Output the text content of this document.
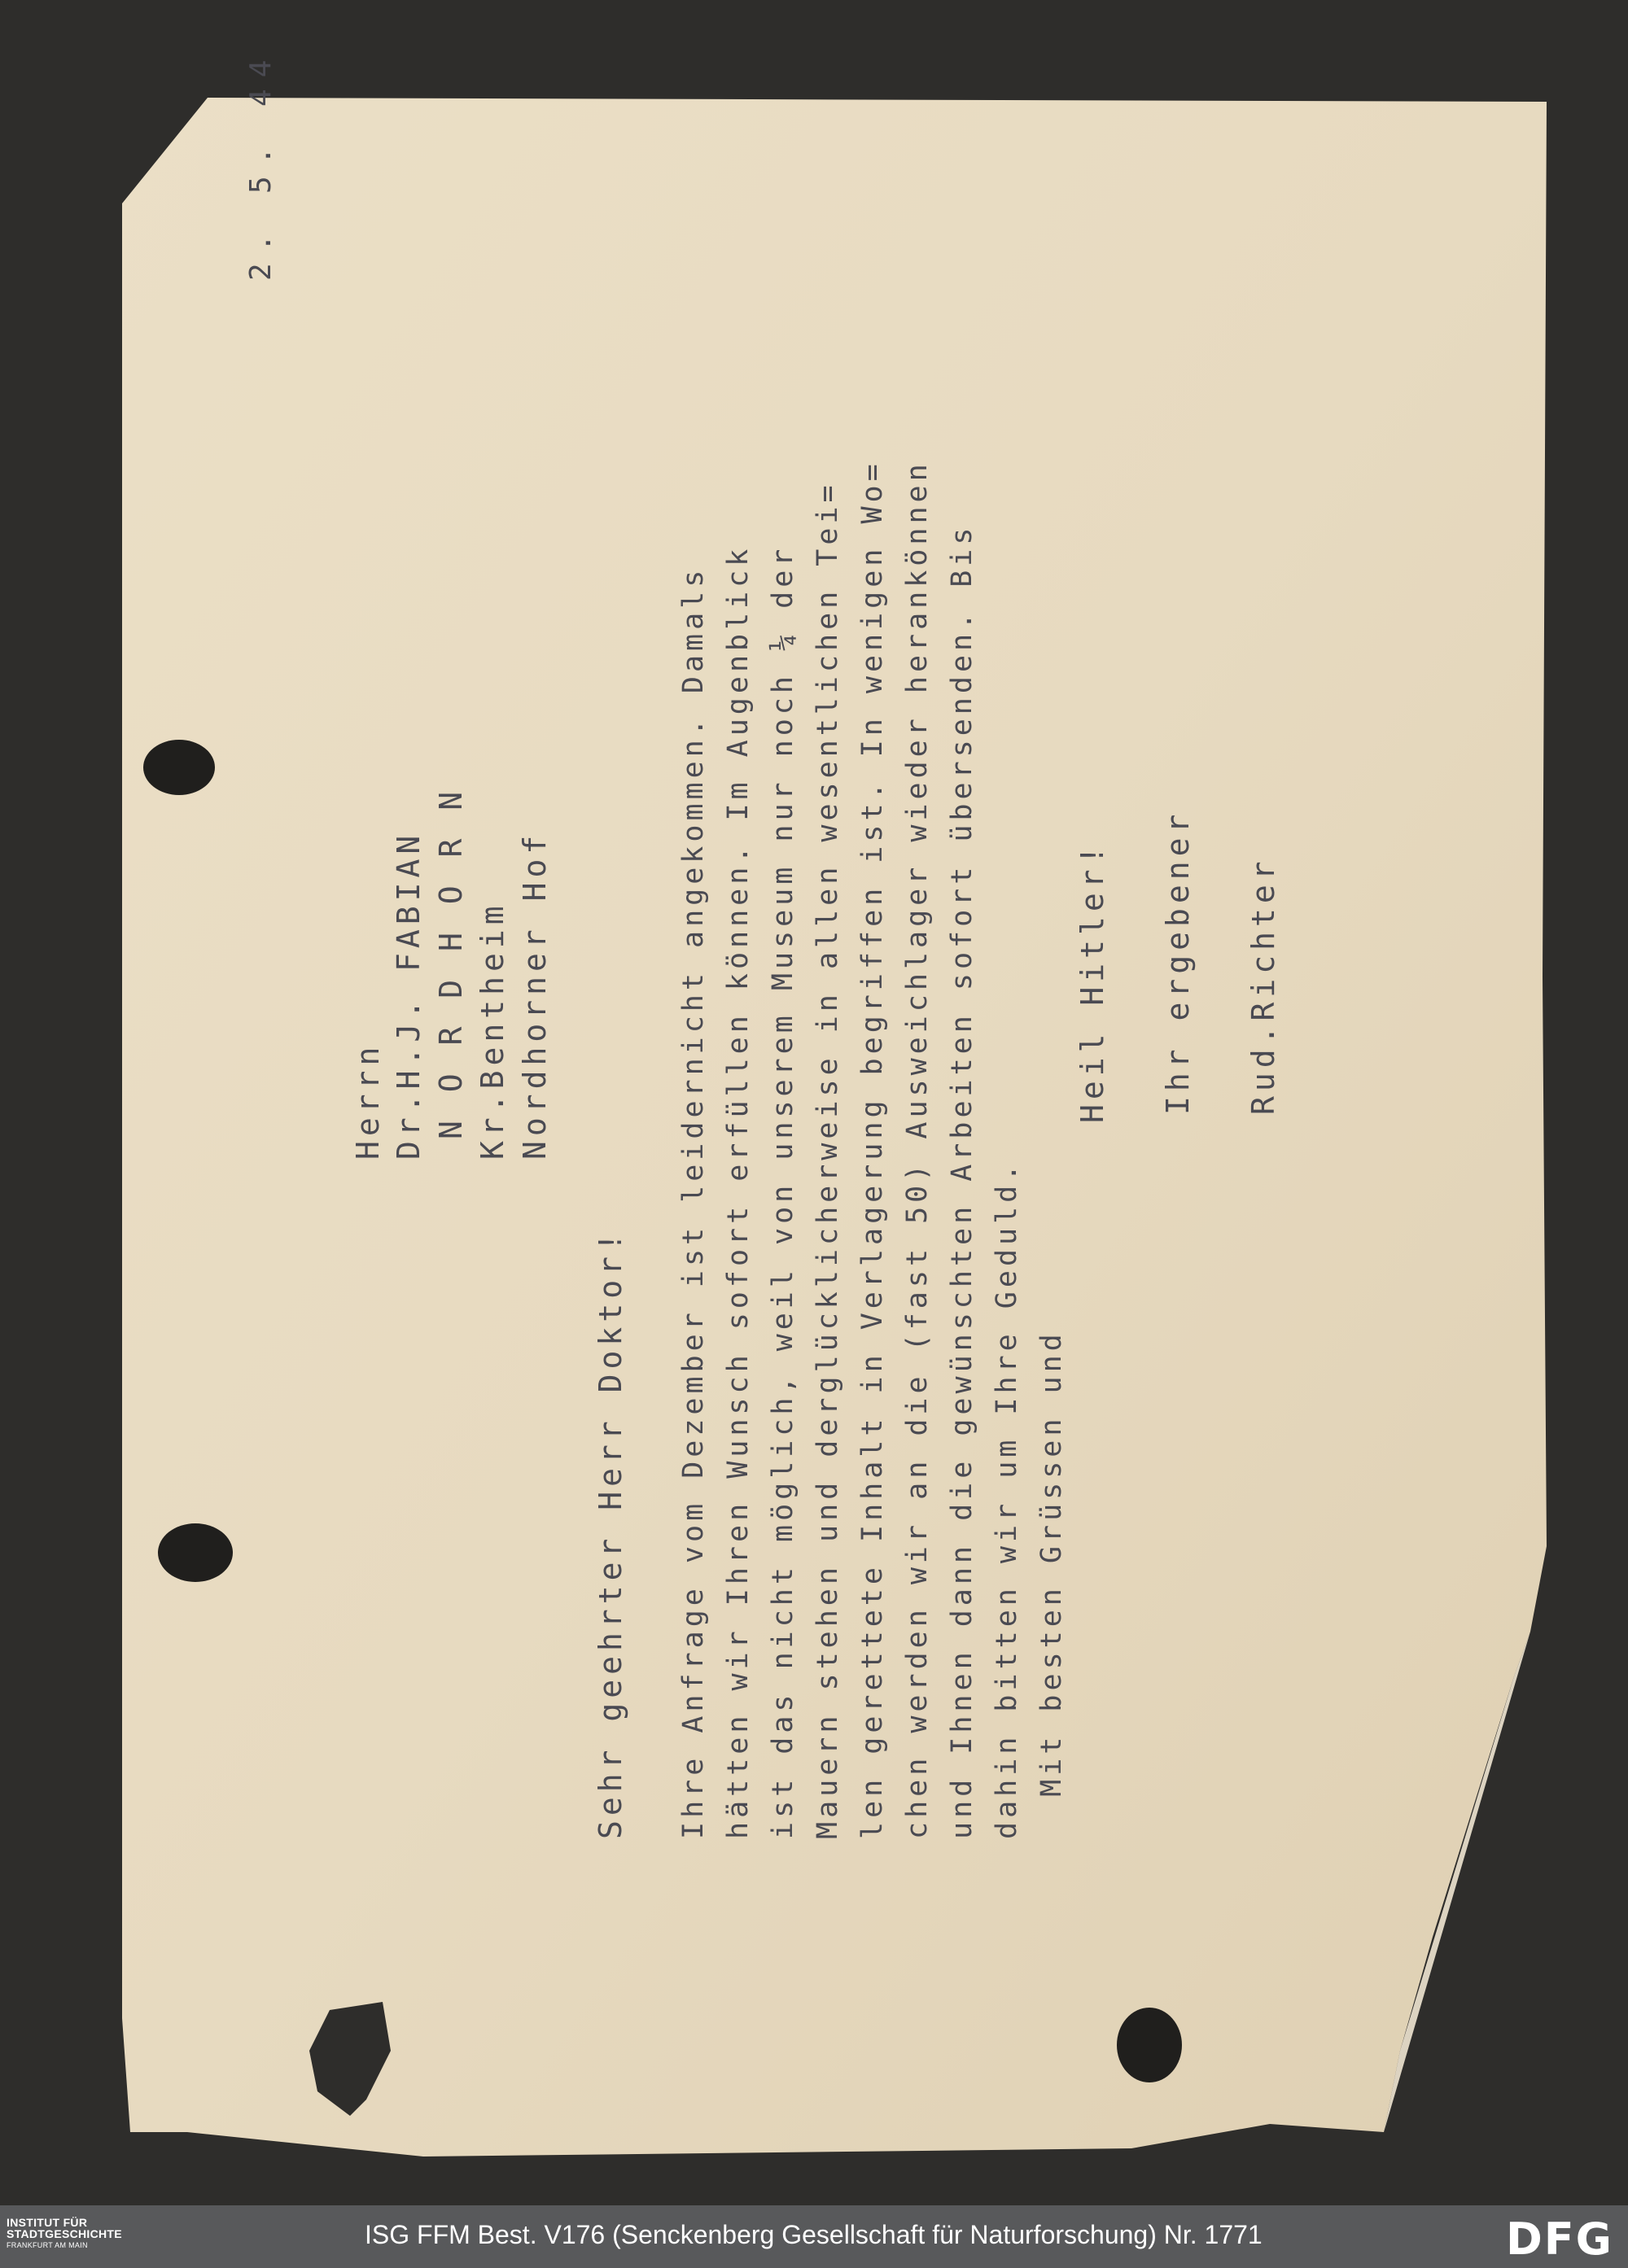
2. 5. 44
Herrn Dr.H.J. FABIAN N O R D H O R N Kr.Bentheim Nordhorner Hof
Sehr geehrter Herr Doktor! Ihre Anfrage vom Dezember ist leidernicht angekommen. Damals hätten wir Ihren Wunsch sofort erfüllen können. Im Augenblick ist das nicht möglich, weil von unserem Museum nur noch ¼ der Mauern stehen und derglücklicherweise in allen wesentlichen Tei= len gerettete Inhalt in Verlagerung begriffen ist. In wenigen Wo= chen werden wir an die (fast 50) Ausweichlager wieder herankönnen und Ihnen dann die gewünschten Arbeiten sofort übersenden. Bis dahin bitten wir um Ihre Geduld. Mit besten Grüssen und
Heil Hitler! Ihr ergebener Rud.Richter
INSTITUT FÜR
STADTGESCHICHTE

FRANKFURT AM MAIN	ISG FFM Best. V176 (Senckenberg Gesellschaft für Naturforschung) Nr. 1771	DFG
